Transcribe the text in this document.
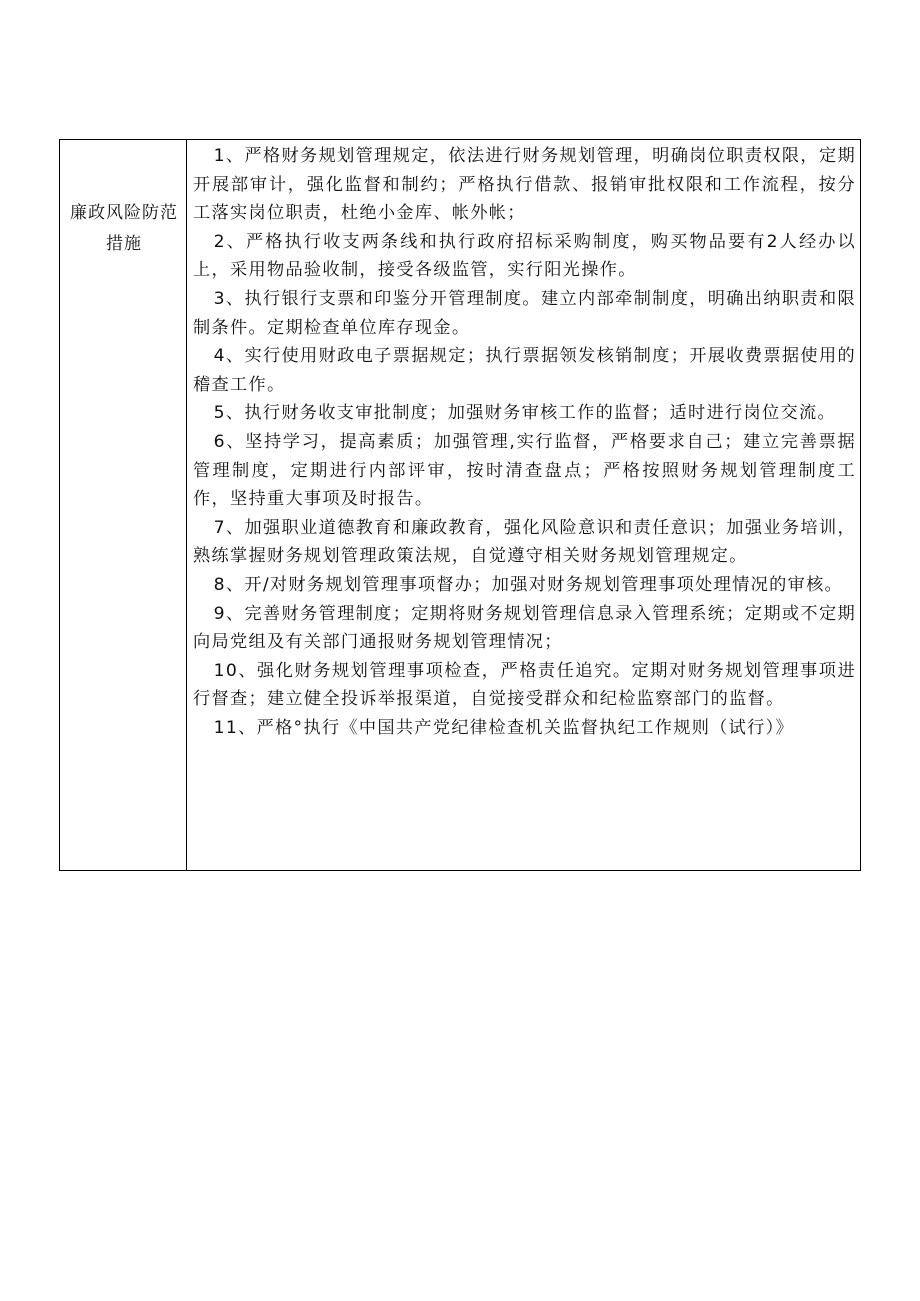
廉政风险防范措施

1、严格财务规划管理规定，依法进行财务规划管理，明确岗位职责权限，定期开展部审计，强化监督和制约；严格执行借款、报销审批权限和工作流程，按分工落实岗位职责，杜绝小金库、帐外帐；

2、严格执行收支两条线和执行政府招标采购制度，购买物品要有2人经办以上，采用物品验收制，接受各级监管，实行阳光操作。

3、执行银行支票和印鉴分开管理制度。建立内部牵制制度，明确出纳职责和限制条件。定期检查单位库存现金。

4、实行使用财政电子票据规定；执行票据领发核销制度；开展收费票据使用的稽查工作。

5、执行财务收支审批制度；加强财务审核工作的监督；适时进行岗位交流。

6、坚持学习，提高素质；加强管理,实行监督，严格要求自己；建立完善票据管理制度，定期进行内部评审，按时清查盘点；严格按照财务规划管理制度工作，坚持重大事项及时报告。

7、加强职业道德教育和廉政教育，强化风险意识和责任意识；加强业务培训，熟练掌握财务规划管理政策法规，自觉遵守相关财务规划管理规定。

8、开/对财务规划管理事项督办；加强对财务规划管理事项处理情况的审核。

9、完善财务管理制度；定期将财务规划管理信息录入管理系统；定期或不定期向局党组及有关部门通报财务规划管理情况；

10、强化财务规划管理事项检查，严格责任追究。定期对财务规划管理事项进行督查；建立健全投诉举报渠道，自觉接受群众和纪检监察部门的监督。

11、严格°执行《中国共产党纪律检查机关监督执纪工作规则（试行）》
